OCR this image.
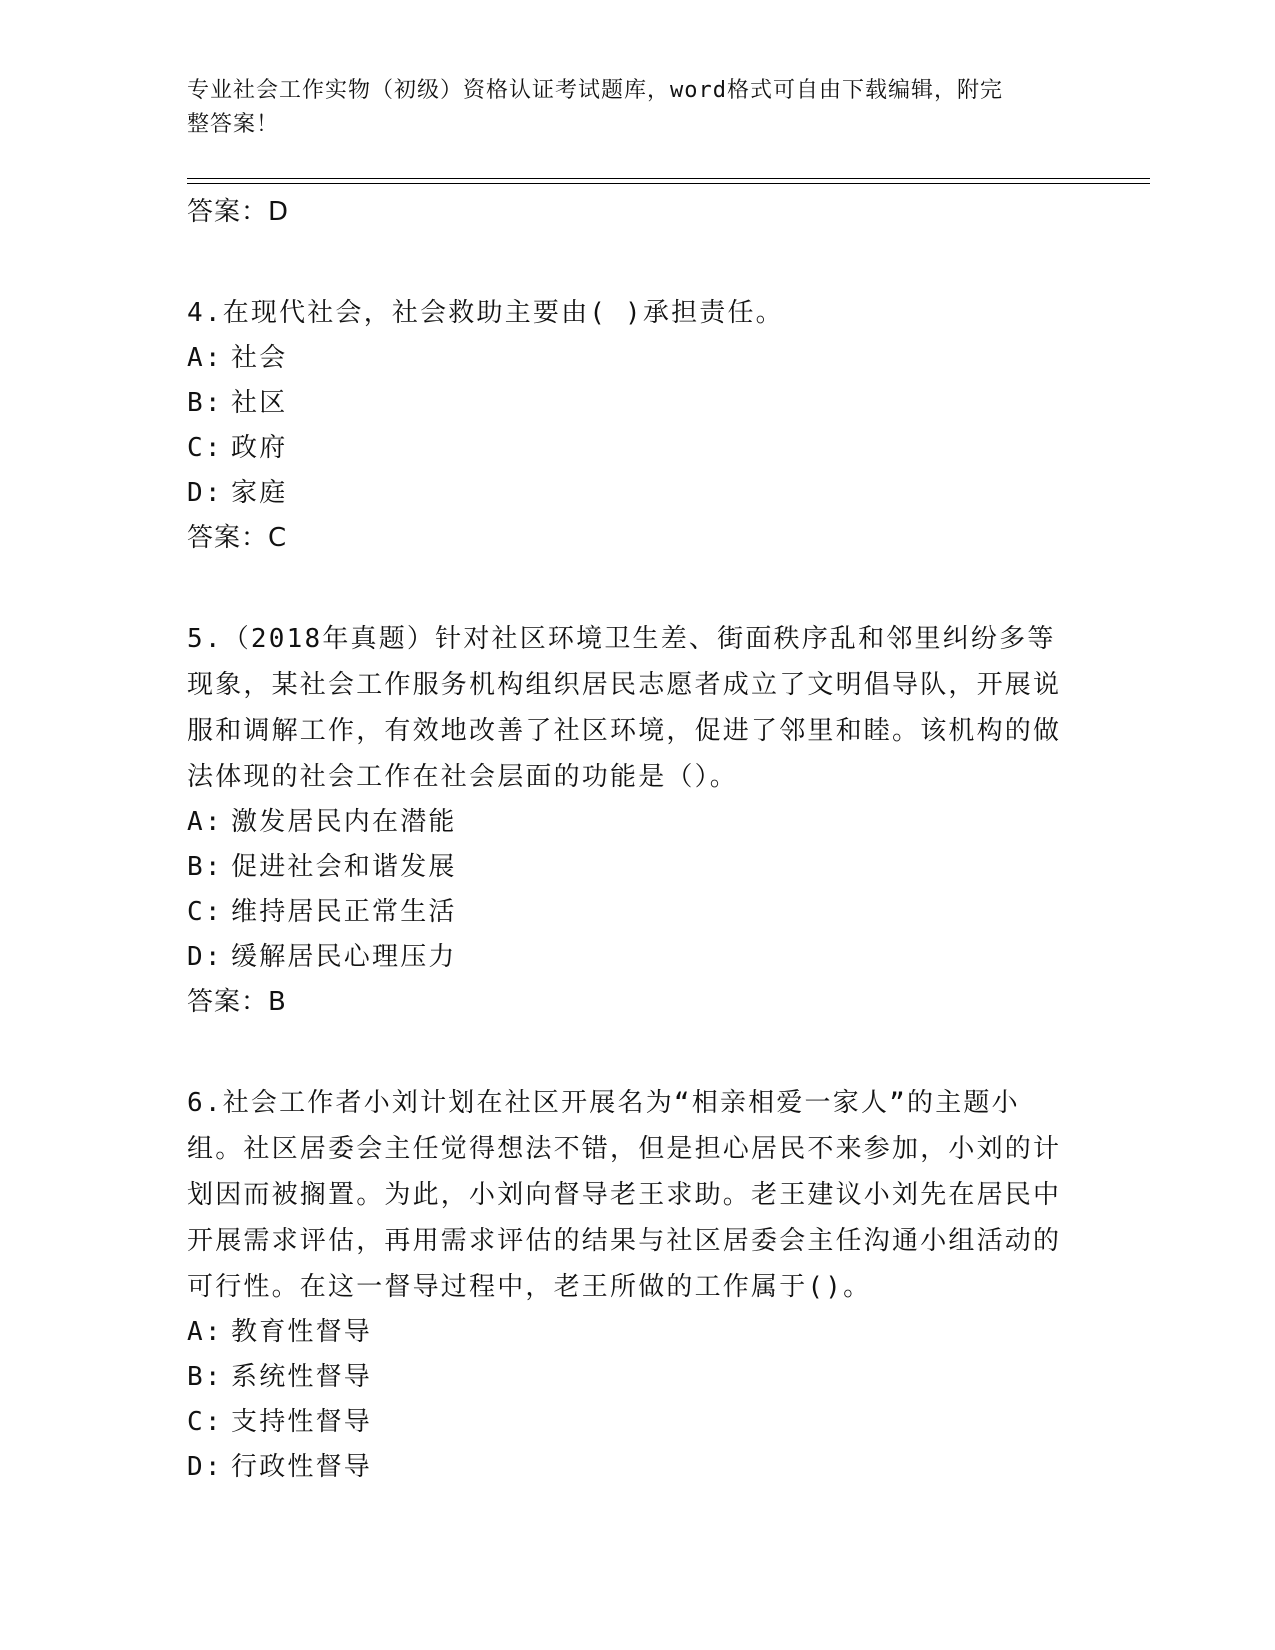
专业社会工作实物（初级）资格认证考试题库，word格式可自由下载编辑，附完
整答案！
答案：D
4.在现代社会，社会救助主要由( )承担责任。
A: 社会
B: 社区
C: 政府
D: 家庭
答案：C
5.（2018年真题）针对社区环境卫生差、街面秩序乱和邻里纠纷多等现象，某社会工作服务机构组织居民志愿者成立了文明倡导队，开展说服和调解工作，有效地改善了社区环境，促进了邻里和睦。该机构的做法体现的社会工作在社会层面的功能是（）。
A: 激发居民内在潜能
B: 促进社会和谐发展
C: 维持居民正常生活
D: 缓解居民心理压力
答案：B
6.社会工作者小刘计划在社区开展名为“相亲相爱一家人”的主题小组。社区居委会主任觉得想法不错，但是担心居民不来参加，小刘的计划因而被搁置。为此，小刘向督导老王求助。老王建议小刘先在居民中开展需求评估，再用需求评估的结果与社区居委会主任沟通小组活动的可行性。在这一督导过程中，老王所做的工作属于()。
A: 教育性督导
B: 系统性督导
C: 支持性督导
D: 行政性督导
